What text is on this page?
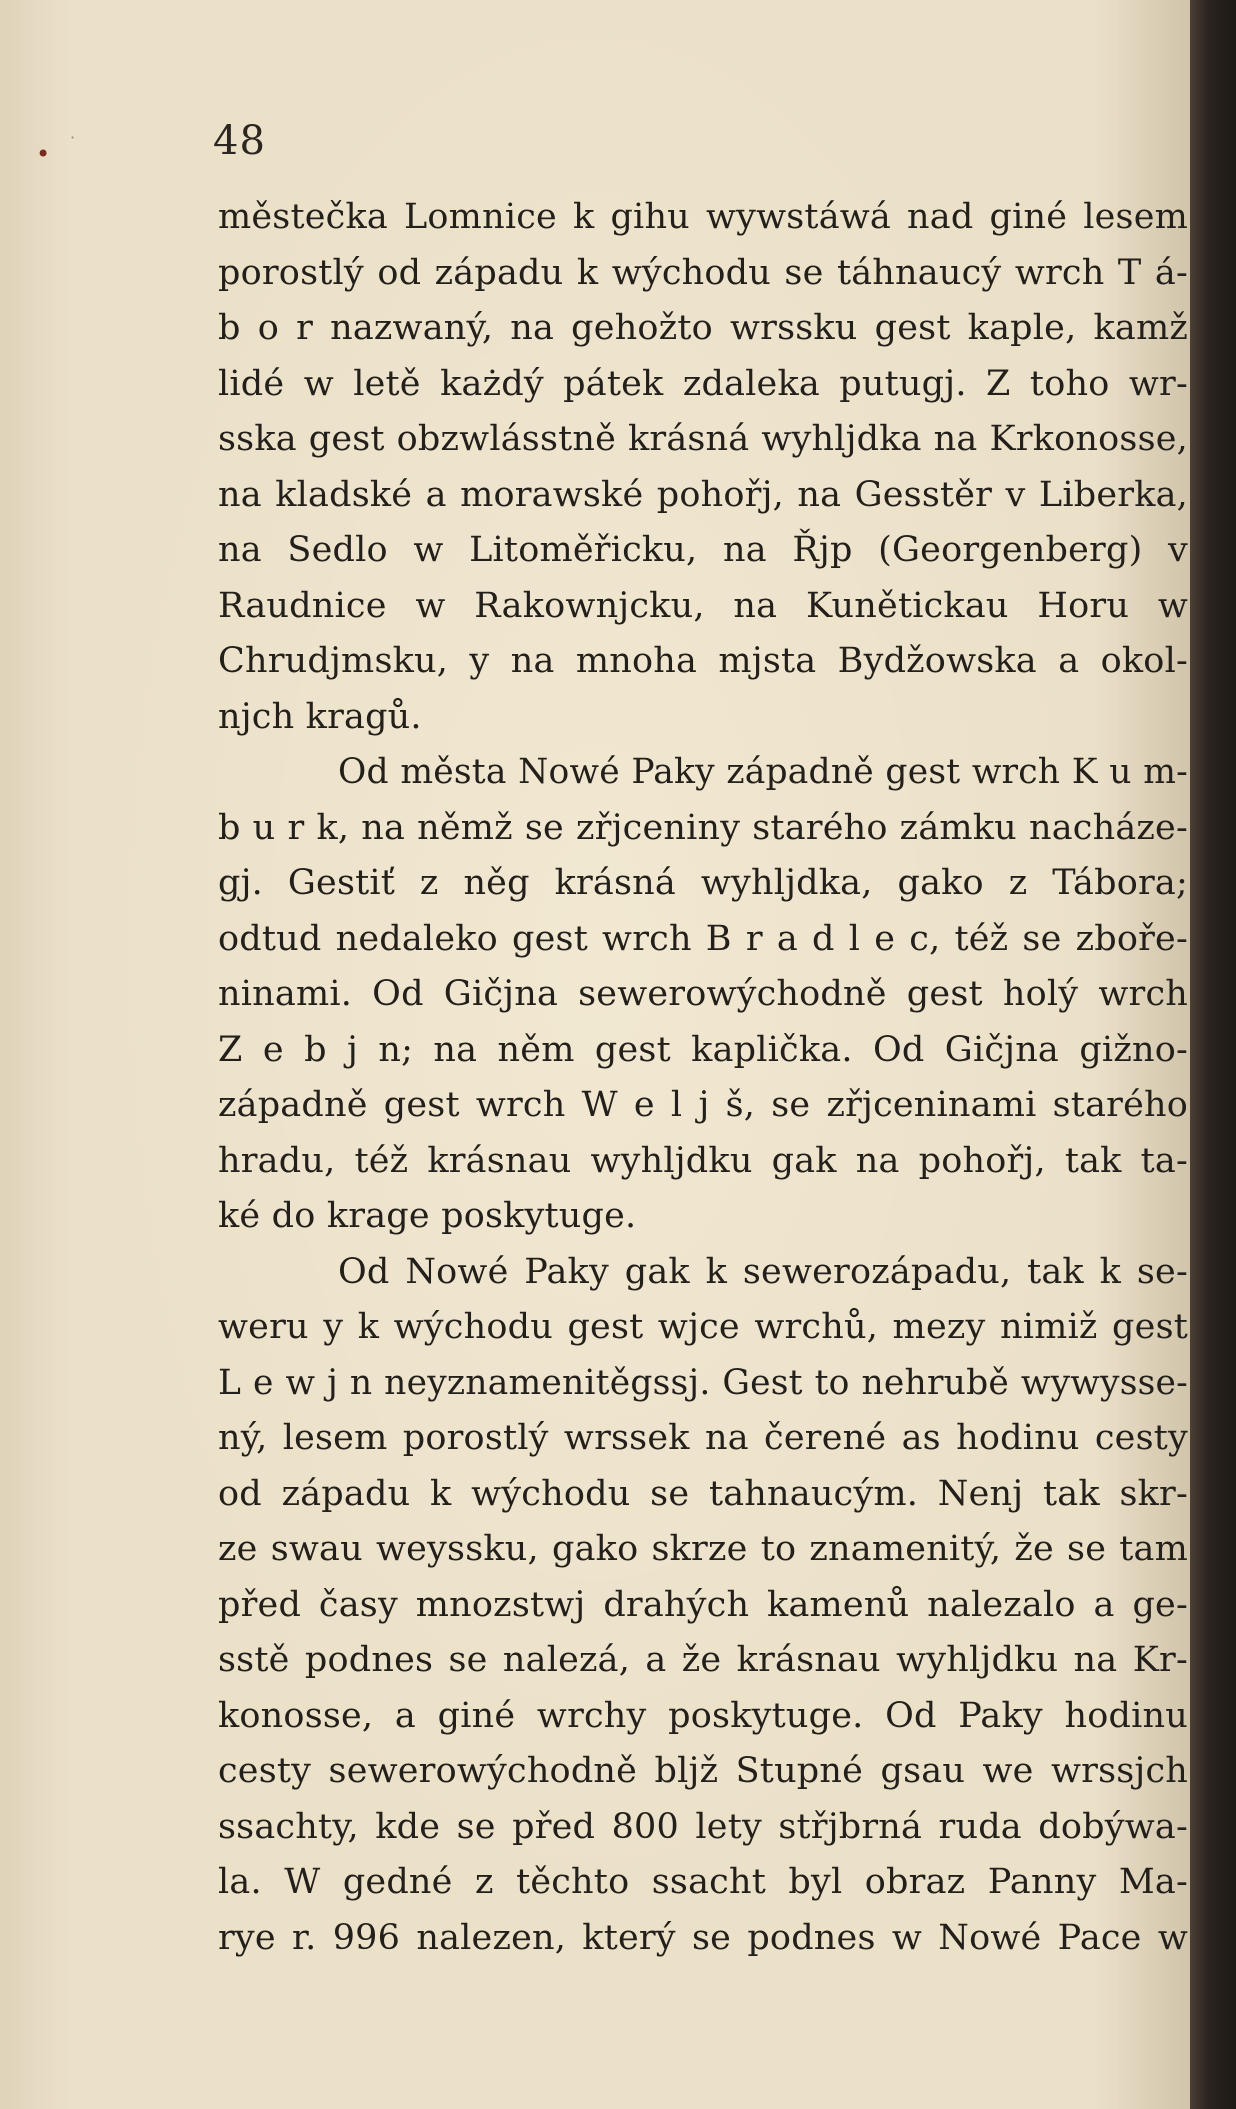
•
·	48
městečka Lomnice k gihu wywstáwá nad giné lesem
porostlý od západu k wýchodu se táhnaucý wrch T á-
b o r nazwaný, na gehožto wrssku gest kaple, kamž
lidé w letě każdý pátek zdaleka putugj. Z toho wr-
sska gest obzwlásstně krásná wyhljdka na Krkonosse,
na kladské a morawské pohořj, na Gesstěr v Liberka,
na Sedlo w Litoměřicku, na Řjp (Georgenberg) v
Raudnice w Rakownjcku, na Kunětickau Horu w
Chrudjmsku, y na mnoha mjsta Bydžowska a okol-
njch kragů.
Od města Nowé Paky západně gest wrch K u m-
b u r k, na němž se zřjceniny starého zámku nacháze-
gj. Gestiť z něg krásná wyhljdka, gako z Tábora;
odtud nedaleko gest wrch B r a d l e c, též se zboře-
ninami. Od Gičjna sewerowýchodně gest holý wrch
Z e b j n; na něm gest kaplička. Od Gičjna gižno-
západně gest wrch W e l j š, se zřjceninami starého
hradu, též krásnau wyhljdku gak na pohořj, tak ta-
ké do krage poskytuge.
Od Nowé Paky gak k sewerozápadu, tak k se-
weru y k wýchodu gest wjce wrchů, mezy nimiž gest
L e w j n neyznamenitěgssj. Gest to nehrubě wywysse-
ný, lesem porostlý wrssek na čerené as hodinu cesty
od západu k wýchodu se tahnaucým. Nenj tak skr-
ze swau weyssku, gako skrze to znamenitý, že se tam
před časy mnozstwj drahých kamenů nalezalo a ge-
sstě podnes se nalezá, a že krásnau wyhljdku na Kr-
konosse, a giné wrchy poskytuge. Od Paky hodinu
cesty sewerowýchodně bljž Stupné gsau we wrssjch
ssachty, kde se před 800 lety střjbrná ruda dobýwa-
la. W gedné z těchto ssacht byl obraz Panny Ma-
rye r. 996 nalezen, který se podnes w Nowé Pace w
